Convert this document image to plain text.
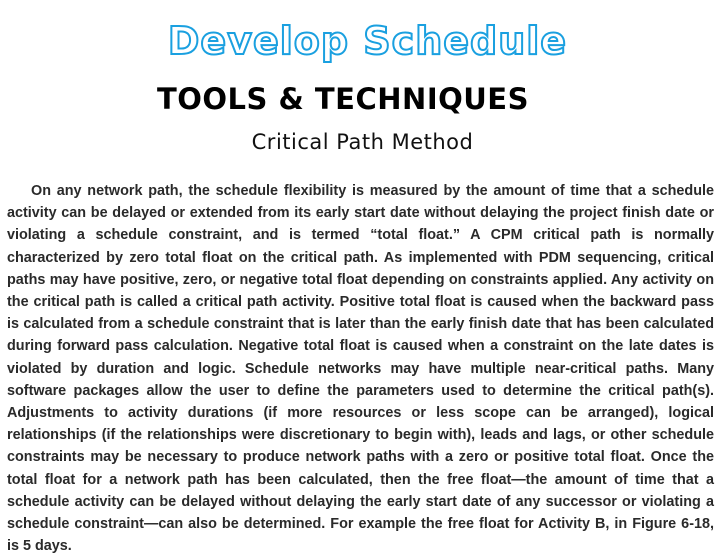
Develop Schedule
TOOLS & TECHNIQUES
Critical Path Method

On any network path, the schedule flexibility is measured by the amount of time that a schedule activity can be delayed or extended from its early start date without delaying the project finish date or violating a schedule constraint, and is termed “total float.” A CPM critical path is normally characterized by zero total float on the critical path. As implemented with PDM sequencing, critical paths may have positive, zero, or negative total float depending on constraints applied. Any activity on the critical path is called a critical path activity. Positive total float is caused when the backward pass is calculated from a schedule constraint that is later than the early finish date that has been calculated during forward pass calculation. Negative total float is caused when a constraint on the late dates is violated by duration and logic. Schedule networks may have multiple near-critical paths. Many software packages allow the user to define the parameters used to determine the critical path(s). Adjustments to activity durations (if more resources or less scope can be arranged), logical relationships (if the relationships were discretionary to begin with), leads and lags, or other schedule constraints may be necessary to produce network paths with a zero or positive total float. Once the total float for a network path has been calculated, then the free float—the amount of time that a schedule activity can be delayed without delaying the early start date of any successor or violating a schedule constraint—can also be determined. For example the free float for Activity B, in Figure 6-18, is 5 days.
